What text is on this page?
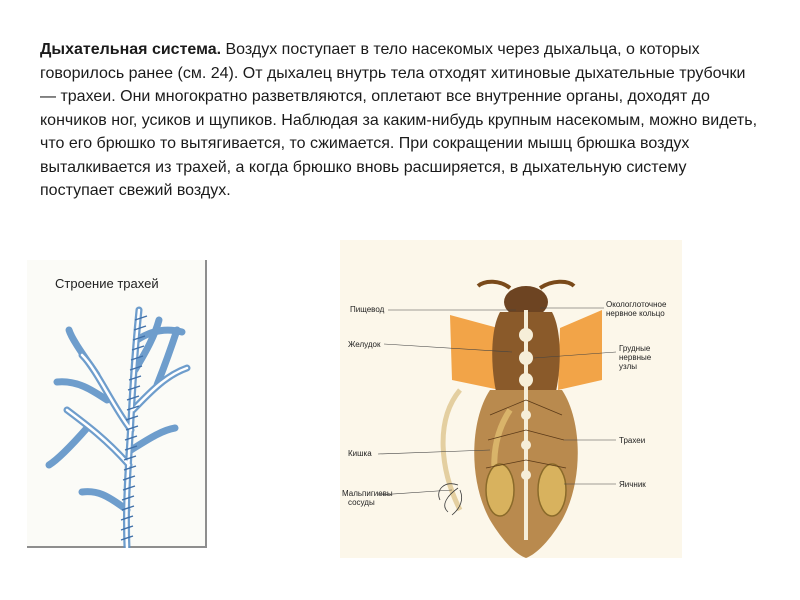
Дыхательная система. Воздух поступает в тело насекомых через дыхальца, о которых говорилось ранее (см. 24). От дыхалец внутрь тела отходят хитиновые дыхательные трубочки — трахеи. Они многократно разветвляются, оплетают все внутренние органы, доходят до кончиков ног, усиков и щупиков. Наблюдая за каким-нибудь крупным насекомым, можно видеть, что его брюшко то вытягивается, то сжимается. При сокращении мышц брюшка воздух выталкивается из трахей, а когда брюшко вновь расширяется, в дыхательную систему поступает свежий воздух.

Строение трахей
Пищевод
Желудок
Кишка
Мальпигиевы
сосуды
Окологлоточное
нервное кольцо
Грудные
нервные
узлы
Трахеи
Яичник
